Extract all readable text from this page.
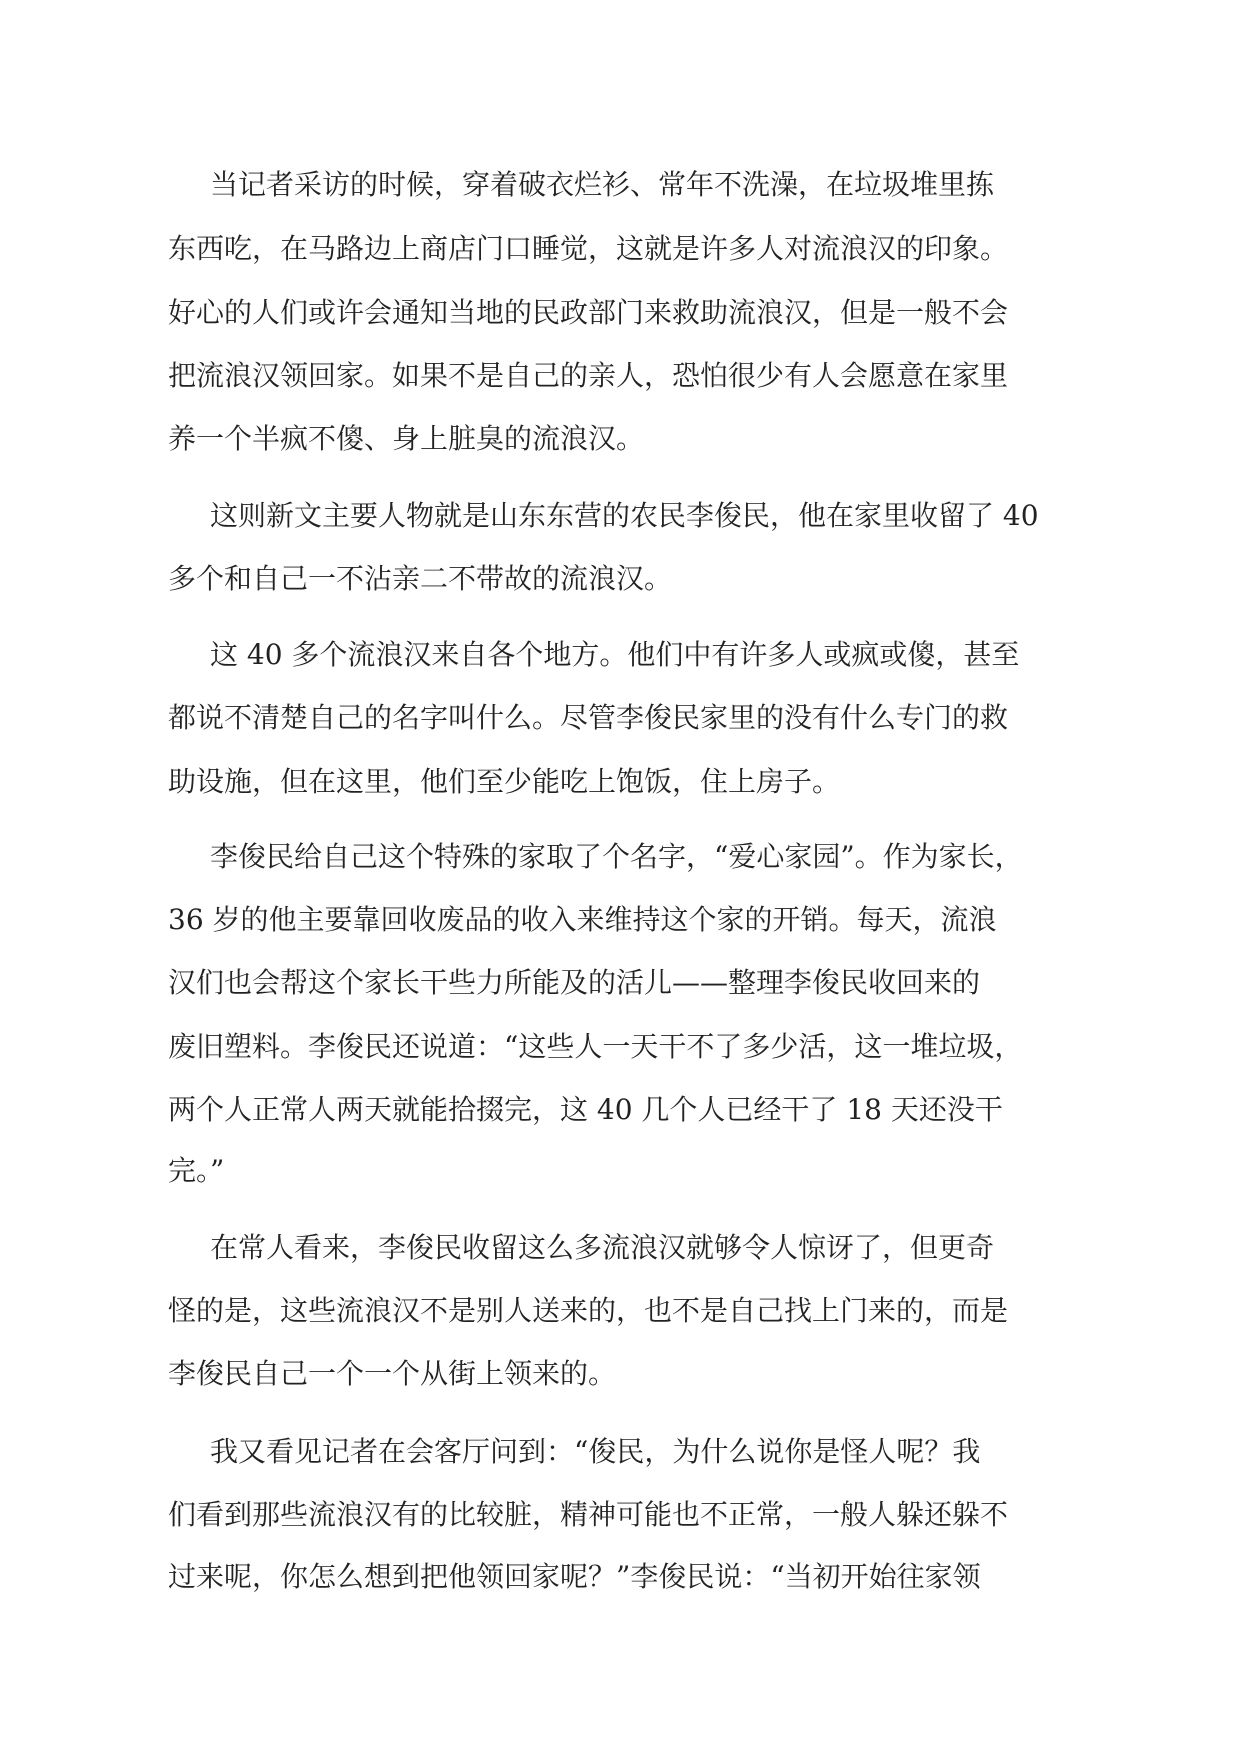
当记者采访的时候，穿着破衣烂衫、常年不洗澡，在垃圾堆里拣
东西吃，在马路边上商店门口睡觉，这就是许多人对流浪汉的印象。
好心的人们或许会通知当地的民政部门来救助流浪汉，但是一般不会
把流浪汉领回家。如果不是自己的亲人，恐怕很少有人会愿意在家里
养一个半疯不傻、身上脏臭的流浪汉。
这则新文主要人物就是山东东营的农民李俊民，他在家里收留了 40
多个和自己一不沾亲二不带故的流浪汉。
这 40 多个流浪汉来自各个地方。他们中有许多人或疯或傻，甚至
都说不清楚自己的名字叫什么。尽管李俊民家里的没有什么专门的救
助设施，但在这里，他们至少能吃上饱饭，住上房子。
李俊民给自己这个特殊的家取了个名字，“爱心家园”。作为家长，
36 岁的他主要靠回收废品的收入来维持这个家的开销。每天，流浪
汉们也会帮这个家长干些力所能及的活儿——整理李俊民收回来的
废旧塑料。李俊民还说道：“这些人一天干不了多少活，这一堆垃圾，
两个人正常人两天就能拾掇完，这 40 几个人已经干了 18 天还没干
完。”
在常人看来，李俊民收留这么多流浪汉就够令人惊讶了，但更奇
怪的是，这些流浪汉不是别人送来的，也不是自己找上门来的，而是
李俊民自己一个一个从街上领来的。
我又看见记者在会客厅问到：“俊民，为什么说你是怪人呢？我
们看到那些流浪汉有的比较脏，精神可能也不正常，一般人躲还躲不
过来呢，你怎么想到把他领回家呢？”李俊民说：“当初开始往家领
